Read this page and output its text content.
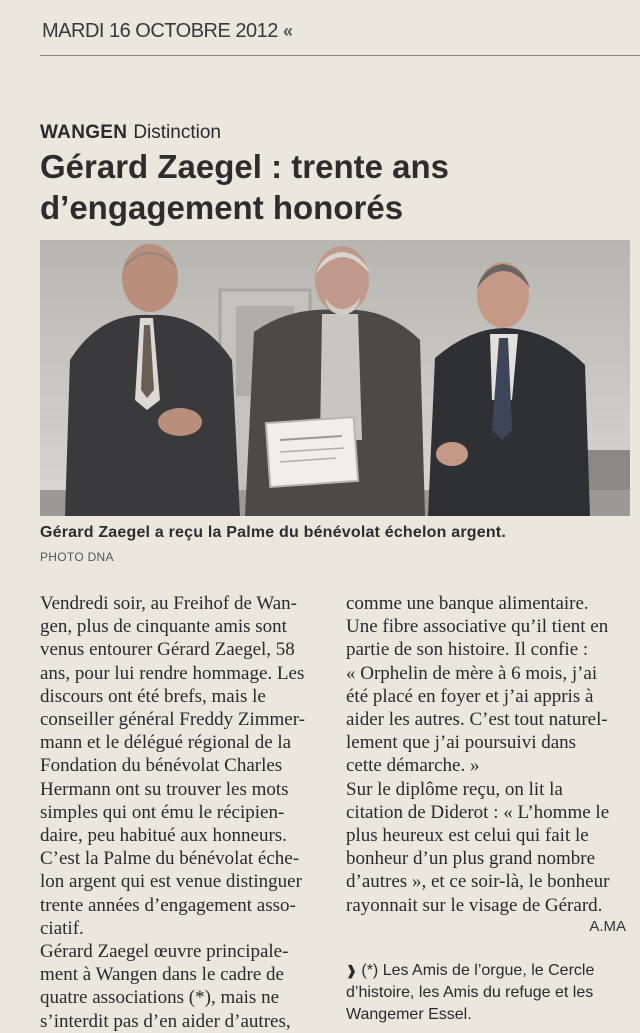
MARDI 16 OCTOBRE 2012 «
WANGEN Distinction
Gérard Zaegel : trente ans
d’engagement honorés
Gérard Zaegel a reçu la Palme du bénévolat échelon argent.
PHOTO DNA

Vendredi soir, au Freihof de Wan-

gen, plus de cinquante amis sont

venus entourer Gérard Zaegel, 58

ans, pour lui rendre hommage. Les

discours ont été brefs, mais le

conseiller général Freddy Zimmer-

mann et le délégué régional de la

Fondation du bénévolat Charles

Hermann ont su trouver les mots

simples qui ont ému le récipien-

daire, peu habitué aux honneurs.

C’est la Palme du bénévolat éche-

lon argent qui est venue distinguer

trente années d’engagement asso-

ciatif.

Gérard Zaegel œuvre principale-

ment à Wangen dans le cadre de

quatre associations (*), mais ne

s’interdit pas d’en aider d’autres,

comme une banque alimentaire.

Une fibre associative qu’il tient en

partie de son histoire. Il confie :

« Orphelin de mère à 6 mois, j’ai

été placé en foyer et j’ai appris à

aider les autres. C’est tout naturel-

lement que j’ai poursuivi dans

cette démarche. »

Sur le diplôme reçu, on lit la

citation de Diderot : « L’homme le

plus heureux est celui qui fait le

bonheur d’un plus grand nombre

d’autres », et ce soir-là, le bonheur

rayonnait sur le visage de Gérard.

A.MA
❱ (*) Les Amis de l’orgue, le Cercle d’histoire, les Amis du refuge et les Wangemer Essel.
